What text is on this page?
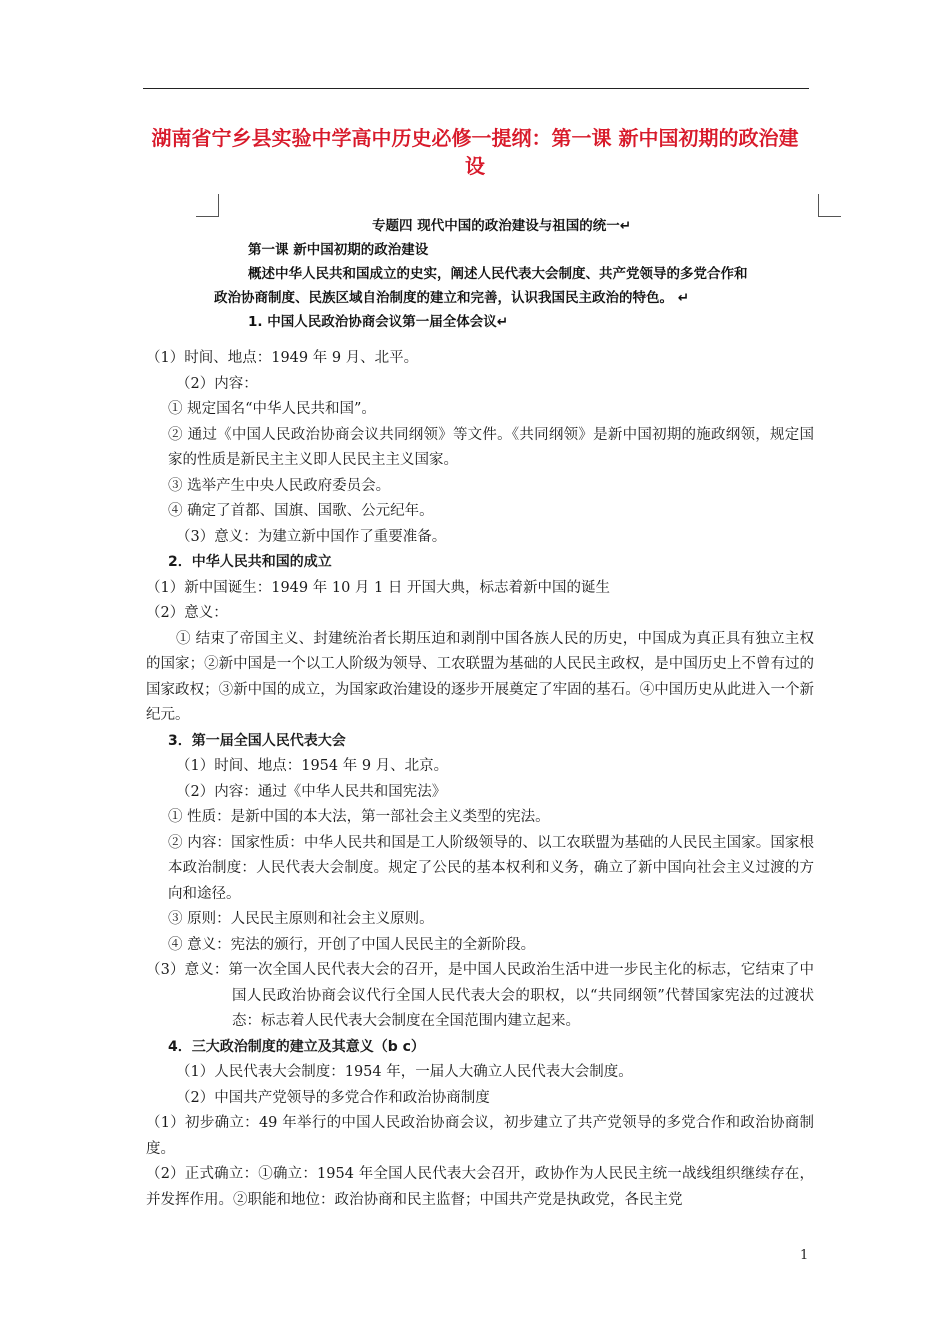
湖南省宁乡县实验中学高中历史必修一提纲：第一课 新中国初期的政治建设
专题四 现代中国的政治建设与祖国的统一↵
第一课 新中国初期的政治建设
概述中华人民共和国成立的史实，阐述人民代表大会制度、共产党领导的多党合作和
政治协商制度、民族区域自治制度的建立和完善，认识我国民主政治的特色。 ↵
1. 中国人民政治协商会议第一届全体会议↵

（1）时间、地点：1949 年 9 月、北平。

（2）内容：

① 规定国名“中华人民共和国”。

② 通过《中国人民政治协商会议共同纲领》等文件。《共同纲领》是新中国初期的施政纲领，规定国家的性质是新民主主义即人民民主主义国家。

③ 选举产生中央人民政府委员会。

④ 确定了首都、国旗、国歌、公元纪年。

（3）意义：为建立新中国作了重要准备。

2．中华人民共和国的成立

（1）新中国诞生：1949 年 10 月 1 日 开国大典，标志着新中国的诞生

（2）意义：

① 结束了帝国主义、封建统治者长期压迫和剥削中国各族人民的历史，中国成为真正具有独立主权的国家；②新中国是一个以工人阶级为领导、工农联盟为基础的人民民主政权，是中国历史上不曾有过的国家政权；③新中国的成立，为国家政治建设的逐步开展奠定了牢固的基石。④中国历史从此进入一个新纪元。

3．第一届全国人民代表大会

（1）时间、地点：1954 年 9 月、北京。

（2）内容：通过《中华人民共和国宪法》

① 性质：是新中国的本大法，第一部社会主义类型的宪法。

② 内容：国家性质：中华人民共和国是工人阶级领导的、以工农联盟为基础的人民民主国家。国家根本政治制度：人民代表大会制度。规定了公民的基本权利和义务，确立了新中国向社会主义过渡的方向和途径。

③ 原则：人民民主原则和社会主义原则。

④ 意义：宪法的颁行，开创了中国人民民主的全新阶段。

（3）意义：第一次全国人民代表大会的召开，是中国人民政治生活中进一步民主化的标志，它结束了中国人民政治协商会议代行全国人民代表大会的职权，以“共同纲领”代替国家宪法的过渡状态：标志着人民代表大会制度在全国范围内建立起来。

4．三大政治制度的建立及其意义（b c）

（1）人民代表大会制度：1954 年，一届人大确立人民代表大会制度。

（2）中国共产党领导的多党合作和政治协商制度

（1）初步确立：49 年举行的中国人民政治协商会议，初步建立了共产党领导的多党合作和政治协商制度。

（2）正式确立：①确立：1954 年全国人民代表大会召开，政协作为人民民主统一战线组织继续存在，并发挥作用。②职能和地位：政治协商和民主监督；中国共产党是执政党，各民主党

1
